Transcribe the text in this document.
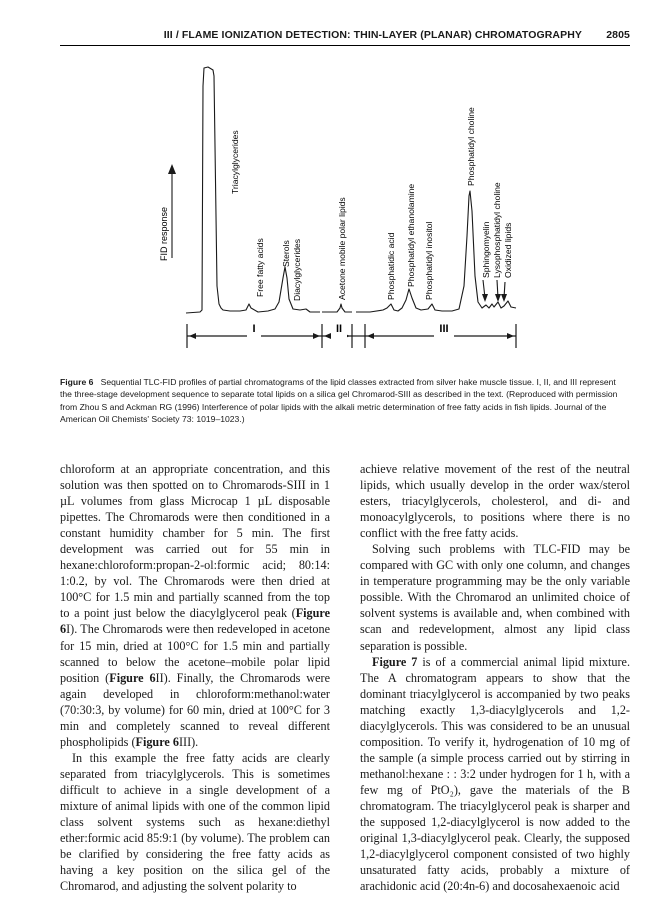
III / FLAME IONIZATION DETECTION: THIN-LAYER (PLANAR) CHROMATOGRAPHY 2805
FID response
Triacylglycerides
Free fatty acids Sterols Diacylglycerides	Acetone mobile polar lipids	Phosphatidic acid Phosphatidyl ethanolamine Phosphatidyl inositol
Phosphatidyl choline
Sphingomyelin Lysophosphatidyl choline Oxidized lipids
I	II	III
Figure 6 Sequential TLC-FID profiles of partial chromatograms of the lipid classes extracted from silver hake muscle tissue. I, II, and III represent the three-stage development sequence to separate total lipids on a silica gel Chromarod-SIII as described in the text. (Reproduced with permission from Zhou S and Ackman RG (1996) Interference of polar lipids with the alkali metric determination of free fatty acids in fish lipids. Journal of the American Oil Chemists' Society 73: 1019–1023.)

chloroform at an appropriate concentration, and this solution was then spotted on to Chromarods-SIII in 1 µL volumes from glass Microcap 1 µL disposable pipettes. The Chromarods were then conditioned in a constant humidity chamber for 5 min. The first development was carried out for 55 min in hexane:chloroform:propan-2-ol:formic acid; 80:14: 1:0.2, by vol. The Chromarods were then dried at 100°C for 1.5 min and partially scanned from the top to a point just below the diacylglycerol peak (Figure 6I). The Chromarods were then redeveloped in acetone for 15 min, dried at 100°C for 1.5 min and partially scanned to below the acetone–mobile polar lipid position (Figure 6II). Finally, the Chromarods were again developed in chloroform:methanol:water (70:30:3, by volume) for 60 min, dried at 100°C for 3 min and completely scanned to reveal different phospholipids (Figure 6III).

In this example the free fatty acids are clearly separated from triacylglycerols. This is sometimes difficult to achieve in a single development of a mixture of animal lipids with one of the common lipid class solvent systems such as hexane:diethyl ether:formic acid 85:9:1 (by volume). The problem can be clarified by considering the free fatty acids as having a key position on the silica gel of the Chromarod, and adjusting the solvent polarity to

achieve relative movement of the rest of the neutral lipids, which usually develop in the order wax/sterol esters, triacylglycerols, cholesterol, and di- and monoacylglycerols, to positions where there is no conflict with the free fatty acids.

Solving such problems with TLC-FID may be compared with GC with only one column, and changes in temperature programming may be the only variable possible. With the Chromarod an unlimited choice of solvent systems is available and, when combined with scan and redevelopment, almost any lipid class separation is possible.

Figure 7 is of a commercial animal lipid mixture. The A chromatogram appears to show that the dominant triacylglycerol is accompanied by two peaks matching exactly 1,3-diacylglycerols and 1,2-diacylglycerols. This was considered to be an unusual composition. To verify it, hydrogenation of 10 mg of the sample (a simple process carried out by stirring in methanol:hexane : : 3:2 under hydrogen for 1 h, with a few mg of PtO₂), gave the materials of the B chromatogram. The triacylglycerol peak is sharper and the supposed 1,2-diacylglycerol is now added to the original 1,3-diacylglycerol peak. Clearly, the supposed 1,2-diacylglycerol component consisted of two highly unsaturated fatty acids, probably a mixture of arachidonic acid (20:4n-6) and docosahexaenoic acid
